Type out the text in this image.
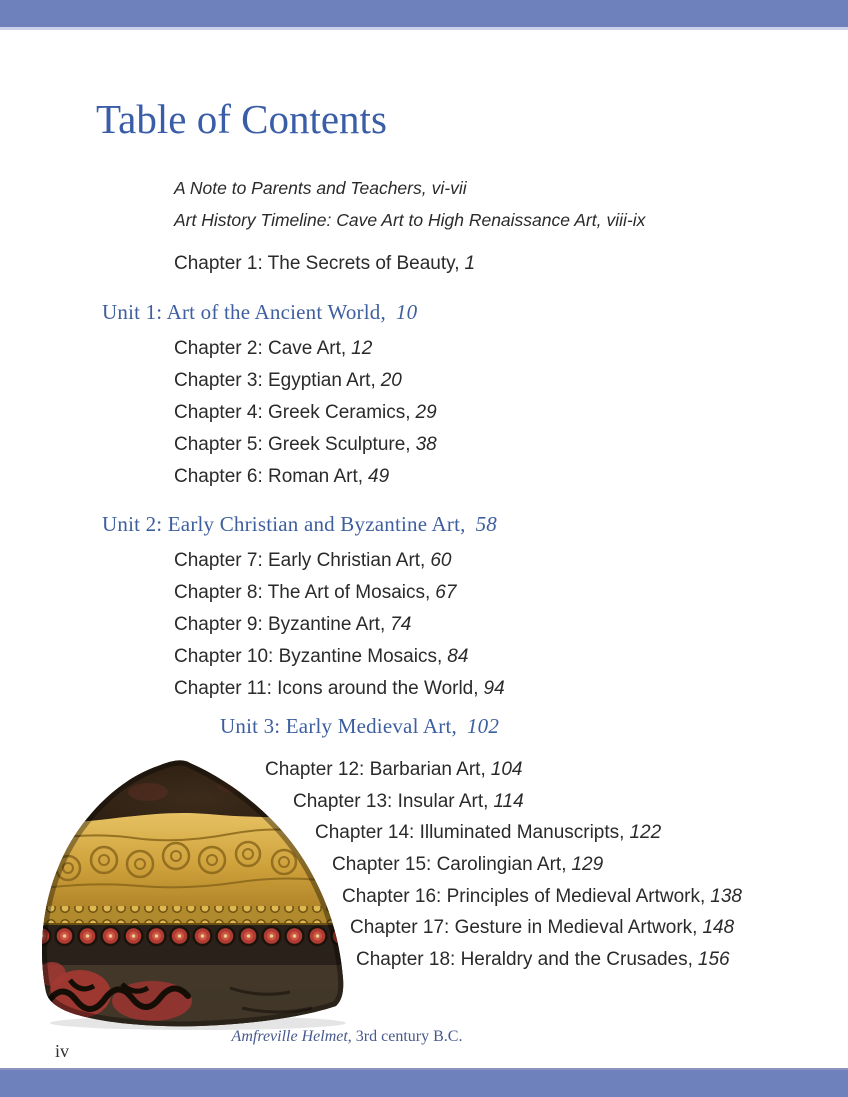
Table of Contents
A Note to Parents and Teachers, vi-vii
Art History Timeline: Cave Art to High Renaissance Art, viii-ix
Chapter 1: The Secrets of Beauty, 1
Unit 1: Art of the Ancient World, 10
Chapter 2: Cave Art, 12
Chapter 3: Egyptian Art, 20
Chapter 4: Greek Ceramics, 29
Chapter 5: Greek Sculpture, 38
Chapter 6: Roman Art, 49
Unit 2: Early Christian and Byzantine Art, 58
Chapter 7: Early Christian Art, 60
Chapter 8: The Art of Mosaics, 67
Chapter 9: Byzantine Art, 74
Chapter 10: Byzantine Mosaics, 84
Chapter 11: Icons around the World, 94
Unit 3: Early Medieval Art, 102
Chapter 12: Barbarian Art, 104
Chapter 13: Insular Art, 114
Chapter 14: Illuminated Manuscripts, 122
Chapter 15: Carolingian Art, 129
Chapter 16: Principles of Medieval Artwork, 138
Chapter 17: Gesture in Medieval Artwork, 148
Chapter 18: Heraldry and the Crusades, 156
Amfreville Helmet, 3rd century B.C.
iv
